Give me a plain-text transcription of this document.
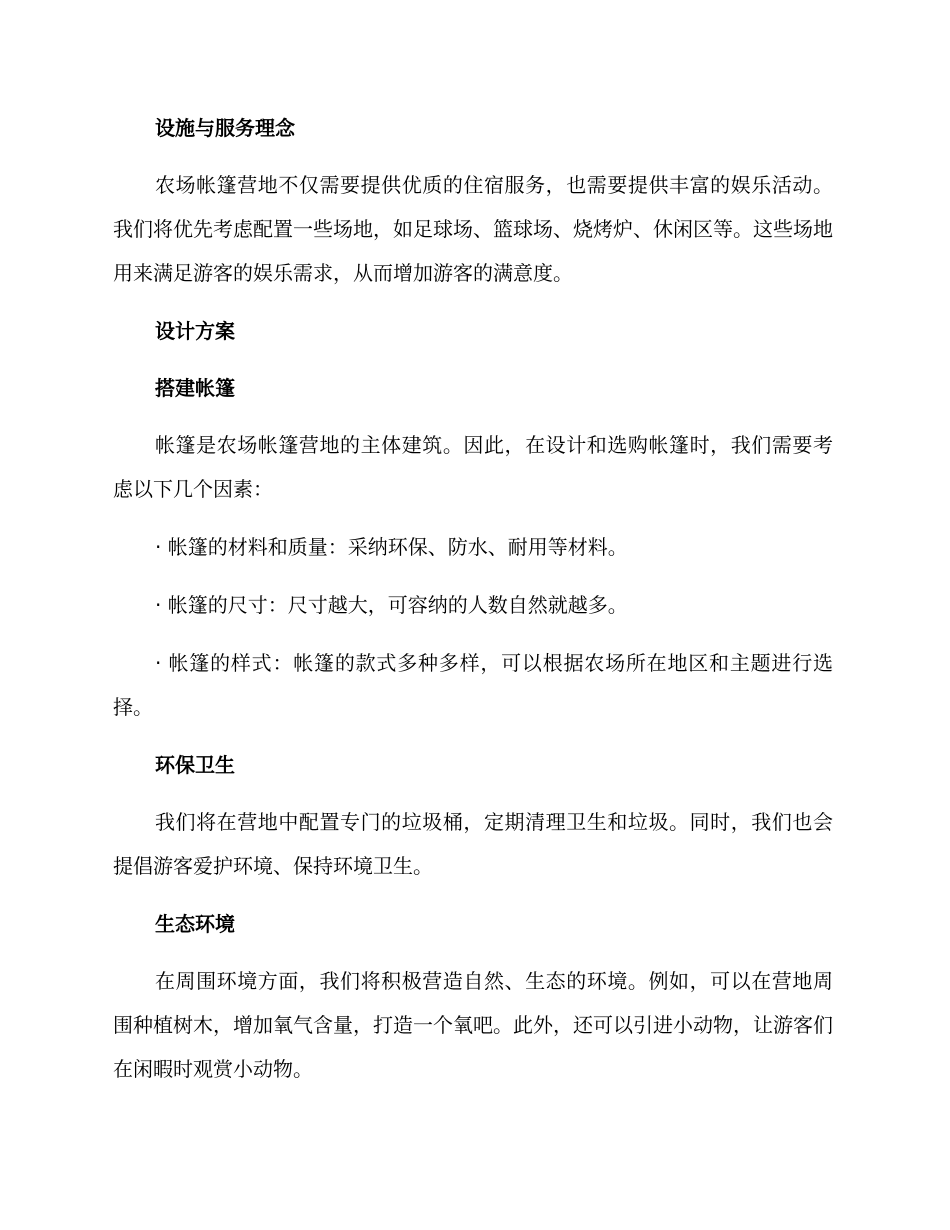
设施与服务理念

农场帐篷营地不仅需要提供优质的住宿服务，也需要提供丰富的娱乐活动。我们将优先考虑配置一些场地，如足球场、篮球场、烧烤炉、休闲区等。这些场地用来满足游客的娱乐需求，从而增加游客的满意度。

设计方案

搭建帐篷

帐篷是农场帐篷营地的主体建筑。因此，在设计和选购帐篷时，我们需要考虑以下几个因素：

· 帐篷的材料和质量：采纳环保、防水、耐用等材料。

· 帐篷的尺寸：尺寸越大，可容纳的人数自然就越多。

· 帐篷的样式：帐篷的款式多种多样，可以根据农场所在地区和主题进行选择。

环保卫生

我们将在营地中配置专门的垃圾桶，定期清理卫生和垃圾。同时，我们也会提倡游客爱护环境、保持环境卫生。

生态环境

在周围环境方面，我们将积极营造自然、生态的环境。例如，可以在营地周围种植树木，增加氧气含量，打造一个氧吧。此外，还可以引进小动物，让游客们在闲暇时观赏小动物。
